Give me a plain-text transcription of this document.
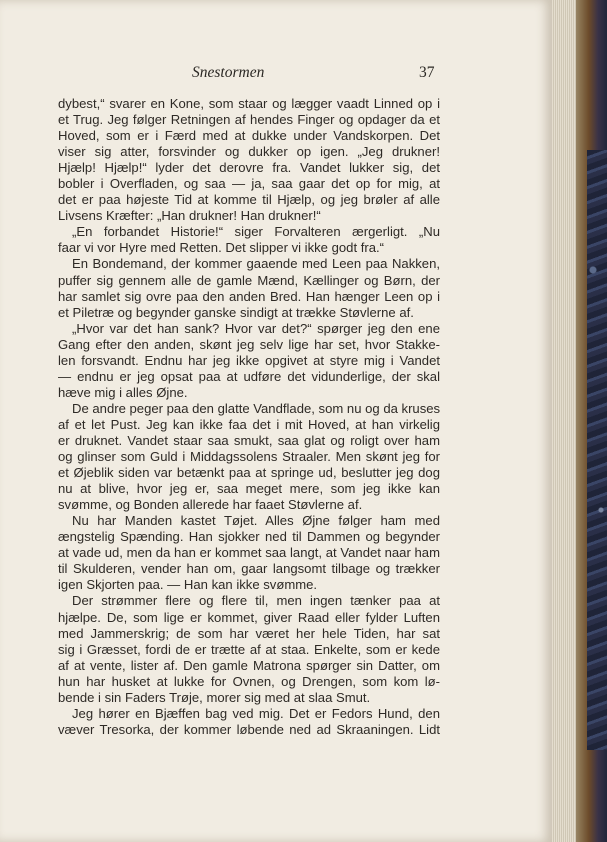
Snestormen	37
dybest,“ svarer en Kone, som staar og lægger vaadt Linned op i
et Trug. Jeg følger Retningen af hendes Finger og opdager da et
Hoved, som er i Færd med at dukke under Vandskorpen. Det
viser sig atter, forsvinder og dukker op igen. „Jeg drukner!
Hjælp! Hjælp!“ lyder det derovre fra. Vandet lukker sig, det
bobler i Overfladen, og saa — ja, saa gaar det op for mig, at
det er paa højeste Tid at komme til Hjælp, og jeg brøler af alle
Livsens Kræfter: „Han drukner! Han drukner!“
„En forbandet Historie!“ siger Forvalteren ærgerligt. „Nu
faar vi vor Hyre med Retten. Det slipper vi ikke godt fra.“
En Bondemand, der kommer gaaende med Leen paa Nakken,
puffer sig gennem alle de gamle Mænd, Kællinger og Børn, der
har samlet sig ovre paa den anden Bred. Han hænger Leen op i
et Piletræ og begynder ganske sindigt at trække Støvlerne af.
„Hvor var det han sank? Hvor var det?“ spørger jeg den ene
Gang efter den anden, skønt jeg selv lige har set, hvor Stakke-
len forsvandt. Endnu har jeg ikke opgivet at styre mig i Vandet
— endnu er jeg opsat paa at udføre det vidunderlige, der skal
hæve mig i alles Øjne.
De andre peger paa den glatte Vandflade, som nu og da kruses
af et let Pust. Jeg kan ikke faa det i mit Hoved, at han virkelig
er druknet. Vandet staar saa smukt, saa glat og roligt over ham
og glinser som Guld i Middagssolens Straaler. Men skønt jeg for
et Øjeblik siden var betænkt paa at springe ud, beslutter jeg dog
nu at blive, hvor jeg er, saa meget mere, som jeg ikke kan
svømme, og Bonden allerede har faaet Støvlerne af.
Nu har Manden kastet Tøjet. Alles Øjne følger ham med
ængstelig Spænding. Han sjokker ned til Dammen og begynder
at vade ud, men da han er kommet saa langt, at Vandet naar ham
til Skulderen, vender han om, gaar langsomt tilbage og trækker
igen Skjorten paa. — Han kan ikke svømme.
Der strømmer flere og flere til, men ingen tænker paa at
hjælpe. De, som lige er kommet, giver Raad eller fylder Luften
med Jammerskrig; de som har været her hele Tiden, har sat
sig i Græsset, fordi de er trætte af at staa. Enkelte, som er kede
af at vente, lister af. Den gamle Matrona spørger sin Datter, om
hun har husket at lukke for Ovnen, og Drengen, som kom lø-
bende i sin Faders Trøje, morer sig med at slaa Smut.
Jeg hører en Bjæffen bag ved mig. Det er Fedors Hund, den
væver Tresorka, der kommer løbende ned ad Skraaningen. Lidt
